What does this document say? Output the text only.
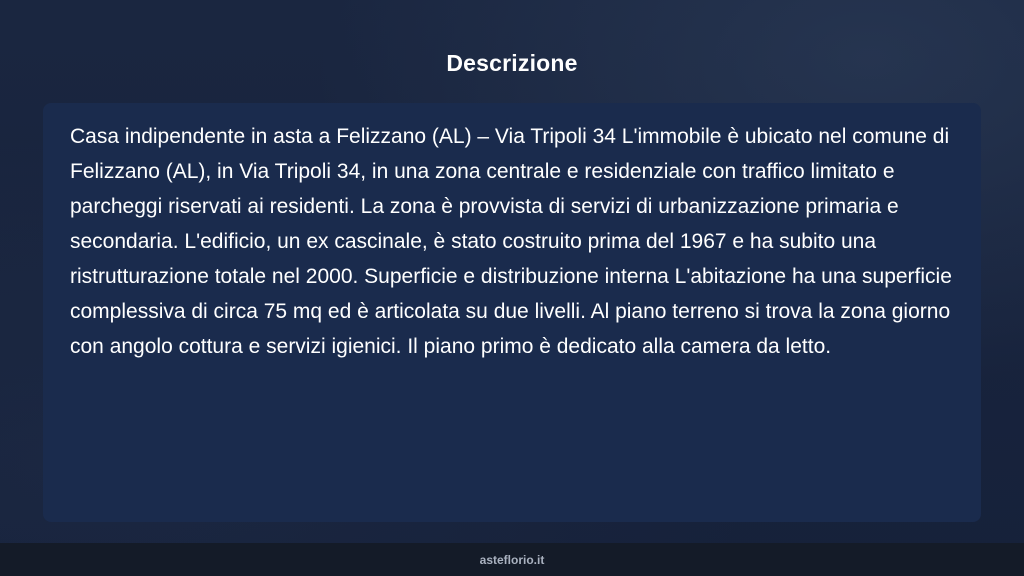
Descrizione

Casa indipendente in asta a Felizzano (AL) – Via Tripoli 34 L'immobile è ubicato nel comune di Felizzano (AL), in Via Tripoli 34, in una zona centrale e residenziale con traffico limitato e parcheggi riservati ai residenti. La zona è provvista di servizi di urbanizzazione primaria e secondaria. L'edificio, un ex cascinale, è stato costruito prima del 1967 e ha subito una ristrutturazione totale nel 2000. Superficie e distribuzione interna L'abitazione ha una superficie complessiva di circa 75 mq ed è articolata su due livelli. Al piano terreno si trova la zona giorno con angolo cottura e servizi igienici. Il piano primo è dedicato alla camera da letto.

asteflorio.it
